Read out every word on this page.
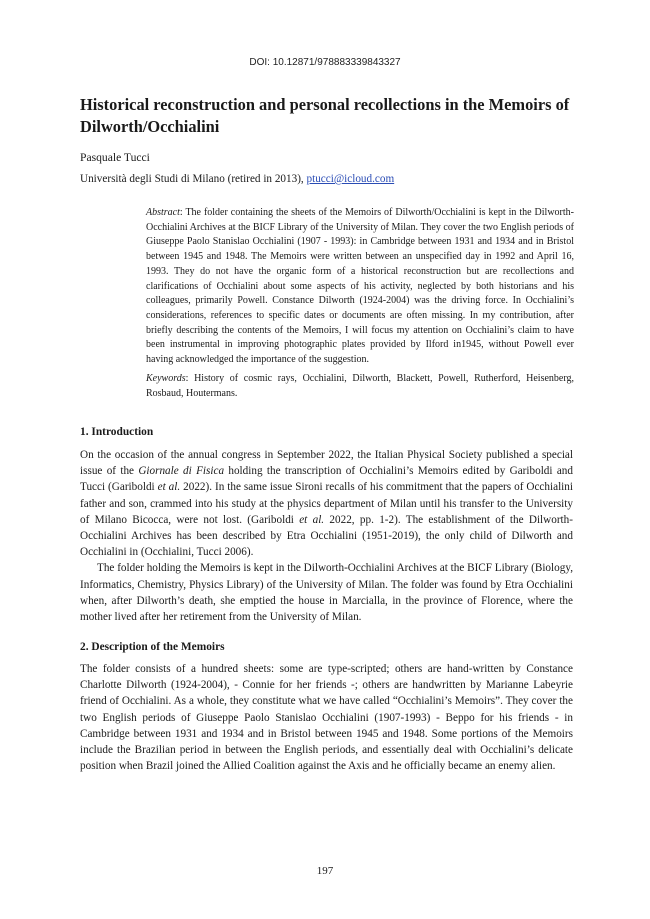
DOI: 10.12871/978883339843327
Historical reconstruction and personal recollections in the Memoirs of Dilworth/Occhialini

Pasquale Tucci

Università degli Studi di Milano (retired in 2013), ptucci@icloud.com

Abstract: The folder containing the sheets of the Memoirs of Dilworth/Occhialini is kept in the Dilworth-Occhialini Archives at the BICF Library of the University of Milan. They cover the two English periods of Giuseppe Paolo Stanislao Occhialini (1907 - 1993): in Cambridge between 1931 and 1934 and in Bristol between 1945 and 1948. The Memoirs were written between an unspecified day in 1992 and April 16, 1993. They do not have the organic form of a historical reconstruction but are recollections and clarifications of Occhialini about some aspects of his activity, neglected by both historians and his colleagues, primarily Powell. Constance Dilworth (1924-2004) was the driving force. In Occhialini’s considerations, references to specific dates or documents are often missing. In my contribution, after briefly describing the contents of the Memoirs, I will focus my attention on Occhialini’s claim to have been instrumental in improving photographic plates provided by Ilford in1945, without Powell ever having acknowledged the importance of the suggestion.

Keywords: History of cosmic rays, Occhialini, Dilworth, Blackett, Powell, Rutherford, Heisenberg, Rosbaud, Houtermans.

1. Introduction

On the occasion of the annual congress in September 2022, the Italian Physical Society published a special issue of the Giornale di Fisica holding the transcription of Occhialini’s Memoirs edited by Gariboldi and Tucci (Gariboldi et al. 2022). In the same issue Sironi recalls of his commitment that the papers of Occhialini father and son, crammed into his study at the physics department of Milan until his transfer to the University of Milano Bicocca, were not lost. (Gariboldi et al. 2022, pp. 1-2). The establishment of the Dilworth-Occhialini Archives has been described by Etra Occhialini (1951-2019), the only child of Dilworth and Occhialini in (Occhialini, Tucci 2006).

The folder holding the Memoirs is kept in the Dilworth-Occhialini Archives at the BICF Library (Biology, Informatics, Chemistry, Physics Library) of the University of Milan. The folder was found by Etra Occhialini when, after Dilworth’s death, she emptied the house in Marcialla, in the province of Florence, where the mother lived after her retirement from the University of Milan.

2. Description of the Memoirs

The folder consists of a hundred sheets: some are type-scripted; others are hand-written by Constance Charlotte Dilworth (1924-2004), - Connie for her friends -; others are handwritten by Marianne Labeyrie friend of Occhialini. As a whole, they constitute what we have called “Occhialini’s Memoirs”. They cover the two English periods of Giuseppe Paolo Stanislao Occhialini (1907-1993) - Beppo for his friends - in Cambridge between 1931 and 1934 and in Bristol between 1945 and 1948. Some portions of the Memoirs include the Brazilian period in between the English periods, and essentially deal with Occhialini’s delicate position when Brazil joined the Allied Coalition against the Axis and he officially became an enemy alien.

197
